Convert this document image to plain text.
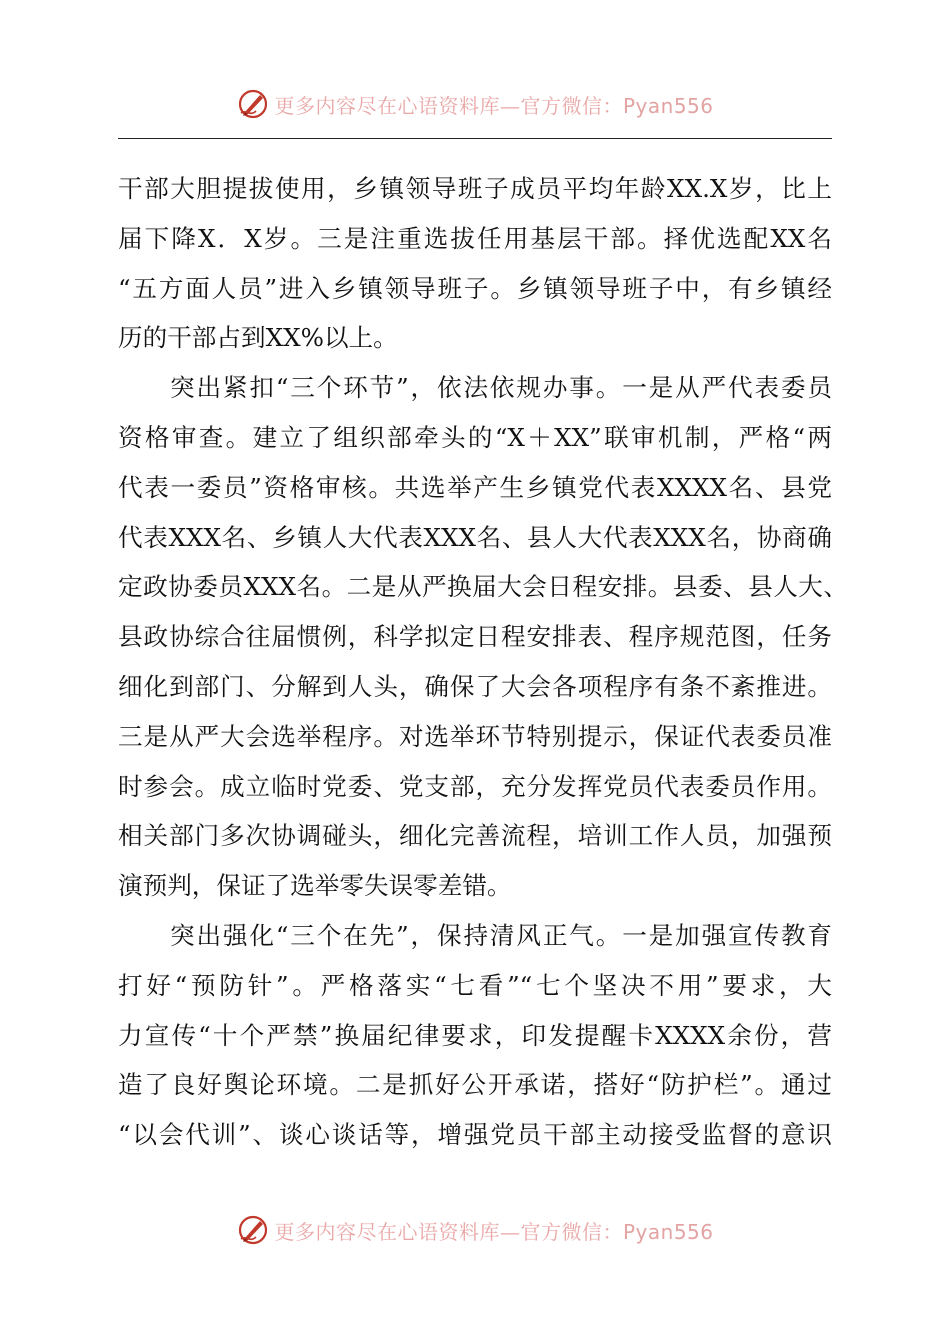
更多内容尽在心语资料库—官方微信：Pyan556
干部大胆提拔使用，乡镇领导班子成员平均年龄XX.X岁，比上
届下降X．X岁。三是注重选拔任用基层干部。择优选配XX名
“五方面人员”进入乡镇领导班子。乡镇领导班子中，有乡镇经
历的干部占到XX%以上。
突出紧扣“三个环节”，依法依规办事。一是从严代表委员
资格审查。建立了组织部牵头的“X＋XX”联审机制，严格“两
代表一委员”资格审核。共选举产生乡镇党代表XXXX名、县党
代表XXX名、乡镇人大代表XXX名、县人大代表XXX名，协商确
定政协委员XXX名。二是从严换届大会日程安排。县委、县人大、
县政协综合往届惯例，科学拟定日程安排表、程序规范图，任务
细化到部门、分解到人头，确保了大会各项程序有条不紊推进。
三是从严大会选举程序。对选举环节特别提示，保证代表委员准
时参会。成立临时党委、党支部，充分发挥党员代表委员作用。
相关部门多次协调碰头，细化完善流程，培训工作人员，加强预
演预判，保证了选举零失误零差错。
突出强化“三个在先”，保持清风正气。一是加强宣传教育
打好“预防针”。严格落实“七看”“七个坚决不用”要求，大
力宣传“十个严禁”换届纪律要求，印发提醒卡XXXX余份，营
造了良好舆论环境。二是抓好公开承诺，搭好“防护栏”。通过
“以会代训”、谈心谈话等，增强党员干部主动接受监督的意识
更多内容尽在心语资料库—官方微信：Pyan556
